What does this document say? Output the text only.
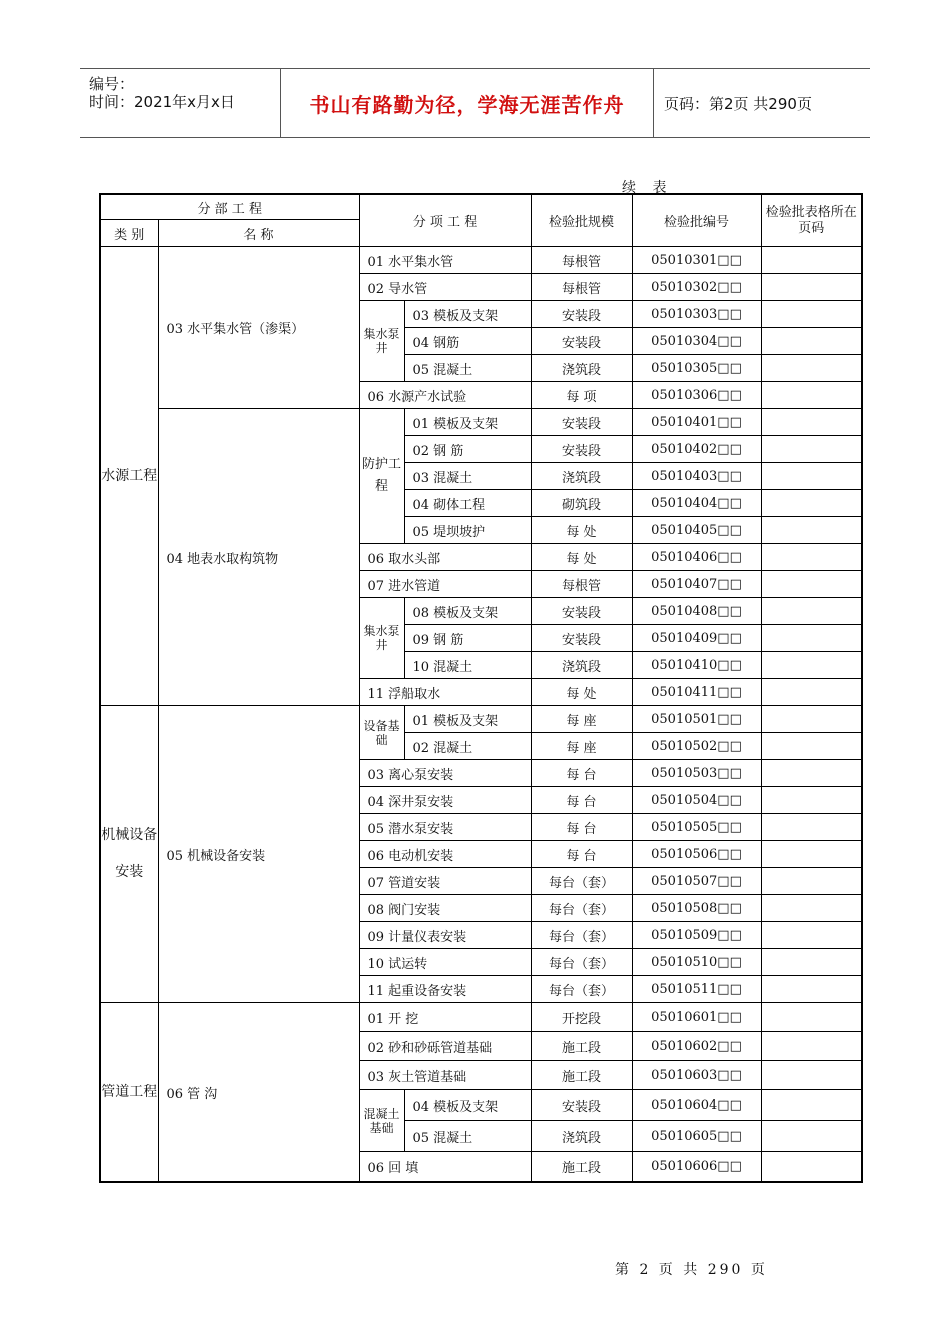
编号：
时间：2021年x月x日	书山有路勤为径，学海无涯苦作舟	页码：第2页 共290页
续 表
分 部 工 程		分 项 工 程		检验批规模	检验批编号	检验批表格所在页码
类 别	名 称					
水源工程	03 水平集水管（渗渠）	01 水平集水管		每根管	05010301□□	
		02 导水管		每根管	05010302□□	
		集水泵井	03 模板及支架	安装段	05010303□□	
			04 钢筋	安装段	05010304□□	
			05 混凝土	浇筑段	05010305□□	
		06 水源产水试验		每 项	05010306□□	
	04 地表水取构筑物	防护工程	01 模板及支架	安装段	05010401□□	
			02 钢 筋	安装段	05010402□□	
			03 混凝土	浇筑段	05010403□□	
			04 砌体工程	砌筑段	05010404□□	
			05 堤坝坡护	每 处	05010405□□	
		06 取水头部		每 处	05010406□□	
		07 进水管道		每根管	05010407□□	
		集水泵井	08 模板及支架	安装段	05010408□□	
			09 钢 筋	安装段	05010409□□	
			10 混凝土	浇筑段	05010410□□	
		11 浮船取水		每 处	05010411□□	
机械设备安装	05 机械设备安装	设备基础	01 模板及支架	每 座	05010501□□	
			02 混凝土	每 座	05010502□□	
		03 离心泵安装		每 台	05010503□□	
		04 深井泵安装		每 台	05010504□□	
		05 潜水泵安装		每 台	05010505□□	
		06 电动机安装		每 台	05010506□□	
		07 管道安装		每台（套）	05010507□□	
		08 阀门安装		每台（套）	05010508□□	
		09 计量仪表安装		每台（套）	05010509□□	
		10 试运转		每台（套）	05010510□□	
		11 起重设备安装		每台（套）	05010511□□	
管道工程	06 管 沟	01 开 挖		开挖段	05010601□□	
		02 砂和砂砾管道基础		施工段	05010602□□	
		03 灰土管道基础		施工段	05010603□□	
		混凝土基础	04 模板及支架	安装段	05010604□□	
			05 混凝土	浇筑段	05010605□□	
		06 回 填		施工段	05010606□□	
第 2 页 共 290 页
